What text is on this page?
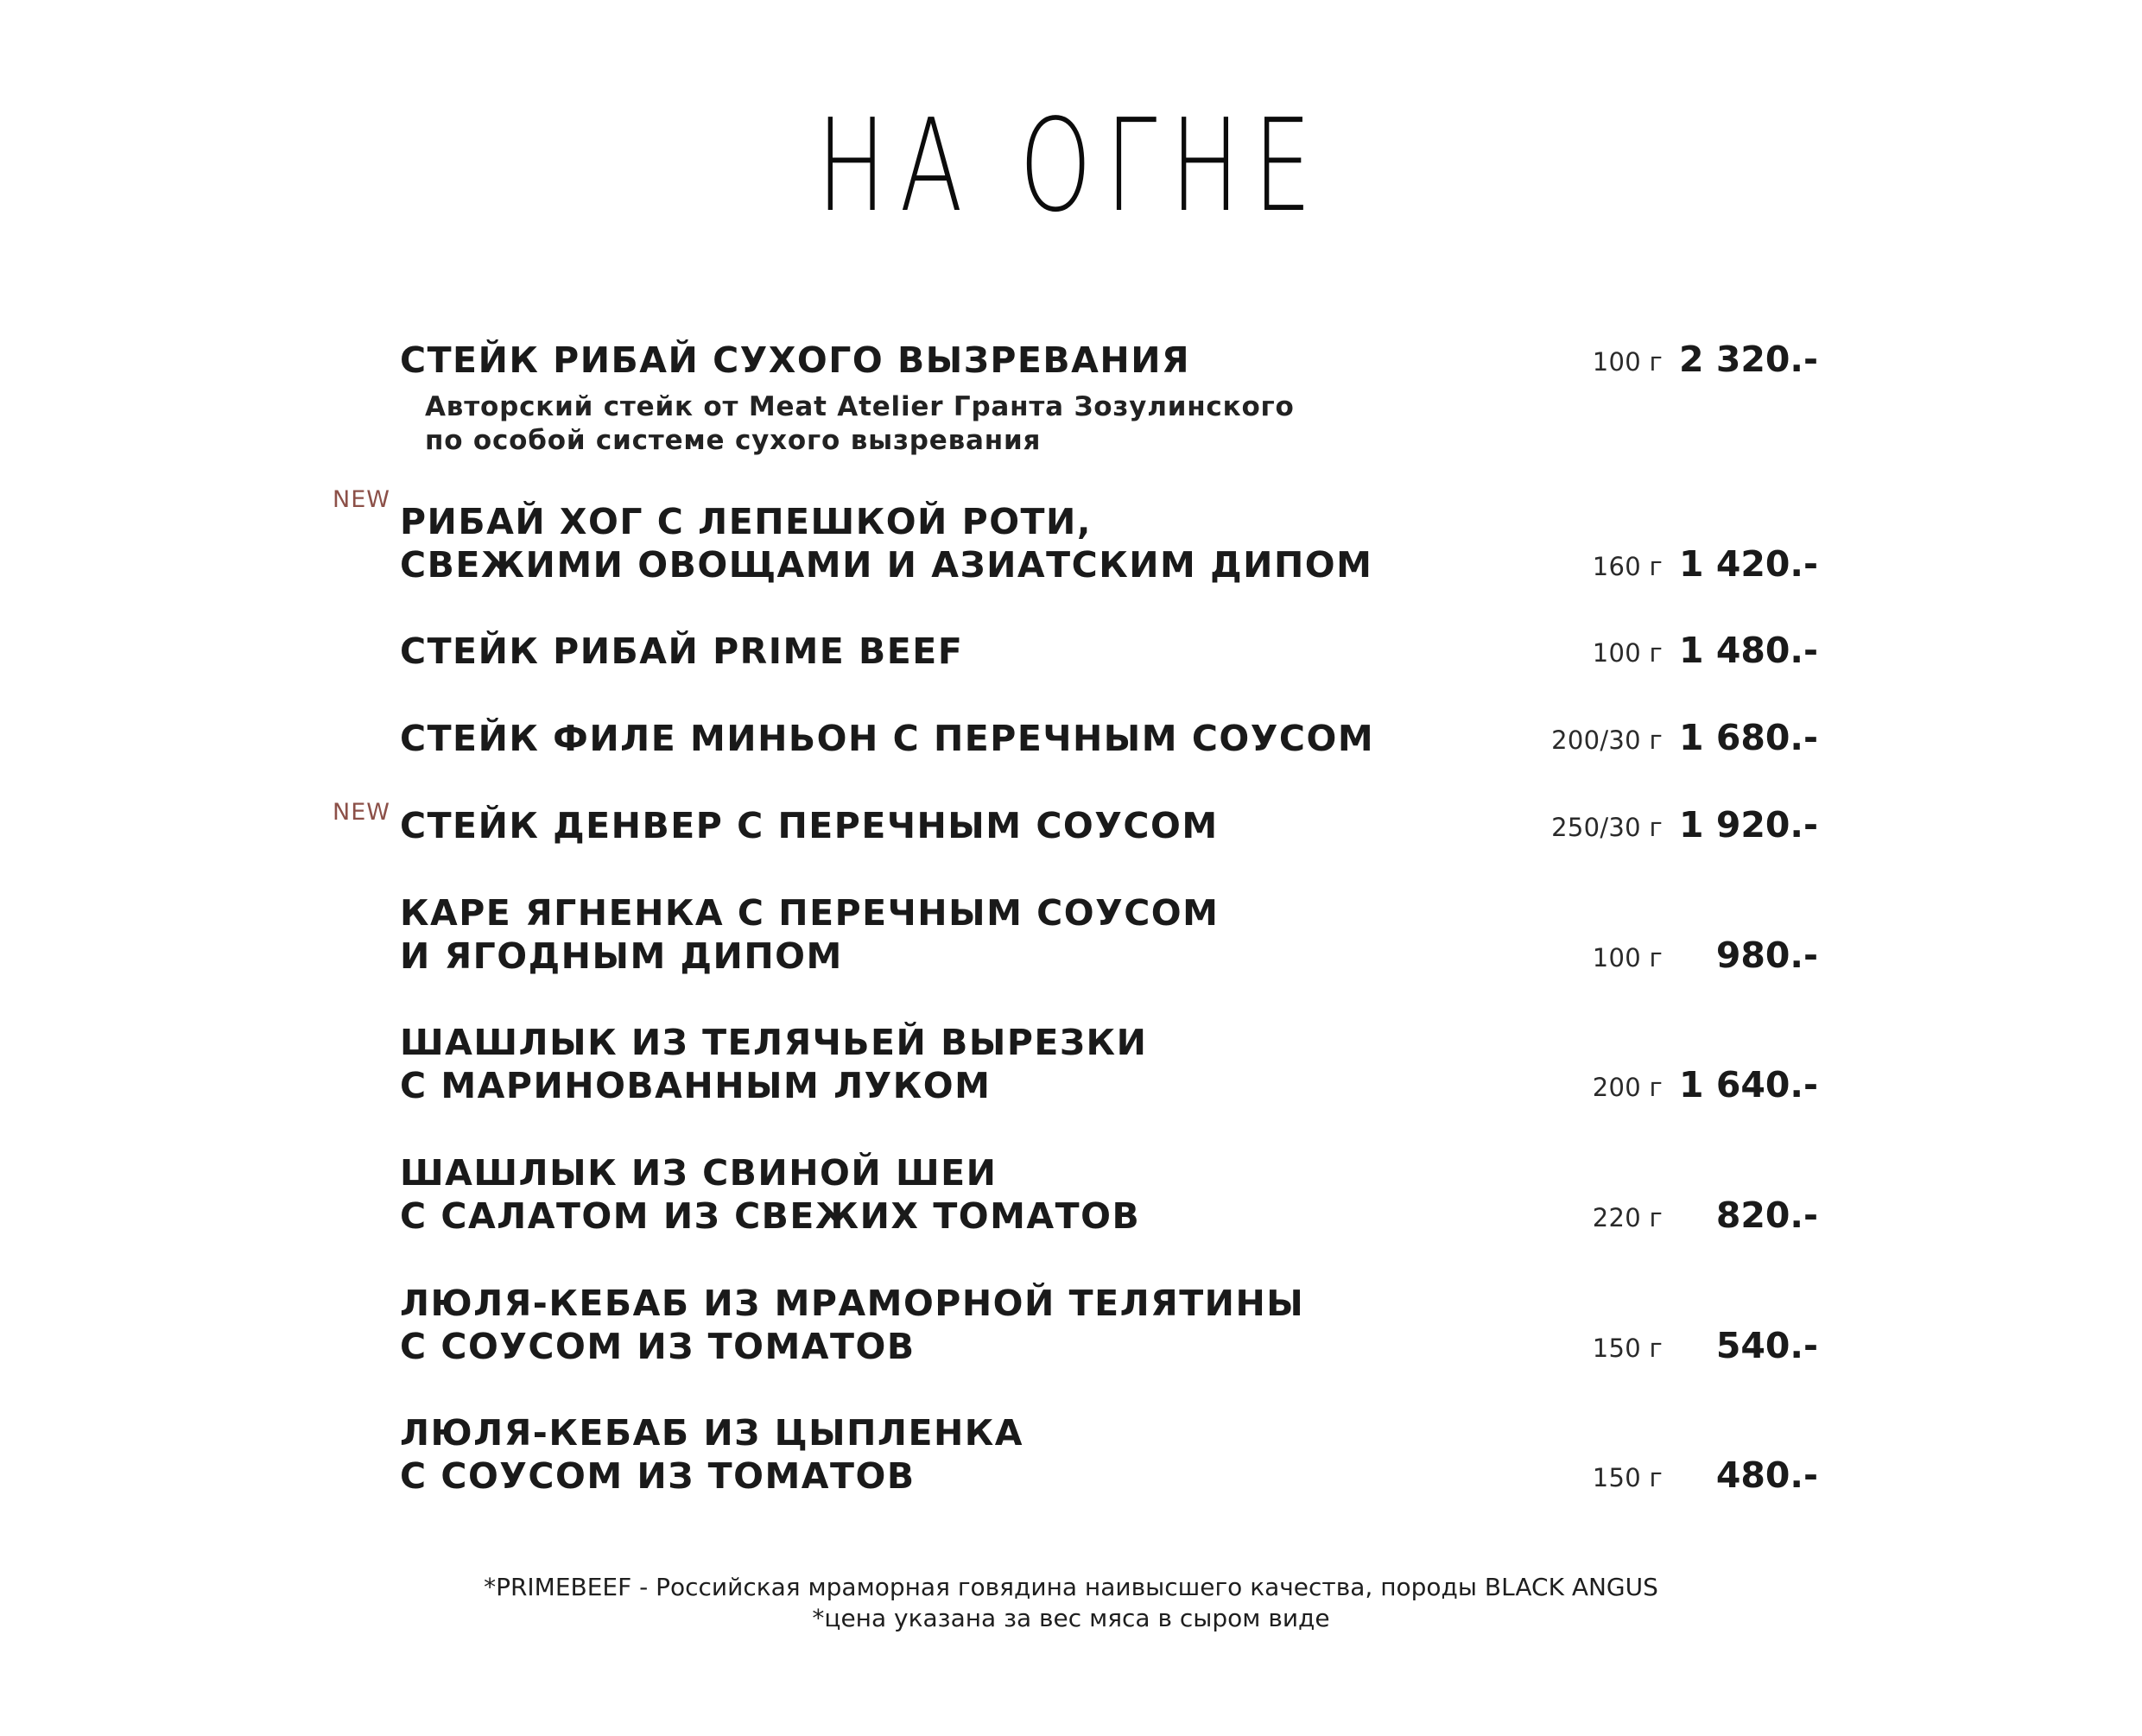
НА ОГНЕ
СТЕЙК РИБАЙ СУХОГО ВЫЗРЕВАНИЯ
Авторский стейк от Meat Atelier Гранта Зозулинского
по особой системе сухого вызревания
100 г 2 320.-
NEW
РИБАЙ ХОГ С ЛЕПЕШКОЙ РОТИ,
СВЕЖИМИ ОВОЩАМИ И АЗИАТСКИМ ДИПОМ	160 г 1 420.-
СТЕЙК РИБАЙ PRIME BEEF	100 г 1 480.-
СТЕЙК ФИЛЕ МИНЬОН С ПЕРЕЧНЫМ СОУСОМ	200/30 г 1 680.-
NEW СТЕЙК ДЕНВЕР С ПЕРЕЧНЫМ СОУСОМ	250/30 г 1 920.-
КАРЕ ЯГНЕНКА С ПЕРЕЧНЫМ СОУСОМ
И ЯГОДНЫМ ДИПОМ	100 г 980.-
ШАШЛЫК ИЗ ТЕЛЯЧЬЕЙ ВЫРЕЗКИ
С МАРИНОВАННЫМ ЛУКОМ	200 г 1 640.-
ШАШЛЫК ИЗ СВИНОЙ ШЕИ
С САЛАТОМ ИЗ СВЕЖИХ ТОМАТОВ	220 г 820.-
ЛЮЛЯ-КЕБАБ ИЗ МРАМОРНОЙ ТЕЛЯТИНЫ
С СОУСОМ ИЗ ТОМАТОВ	150 г 540.-
ЛЮЛЯ-КЕБАБ ИЗ ЦЫПЛЕНКА
С СОУСОМ ИЗ ТОМАТОВ	150 г 480.-
*PRIMEBEEF - Российская мраморная говядина наивысшего качества, породы BLACK ANGUS
*цена указана за вес мяса в сыром виде
